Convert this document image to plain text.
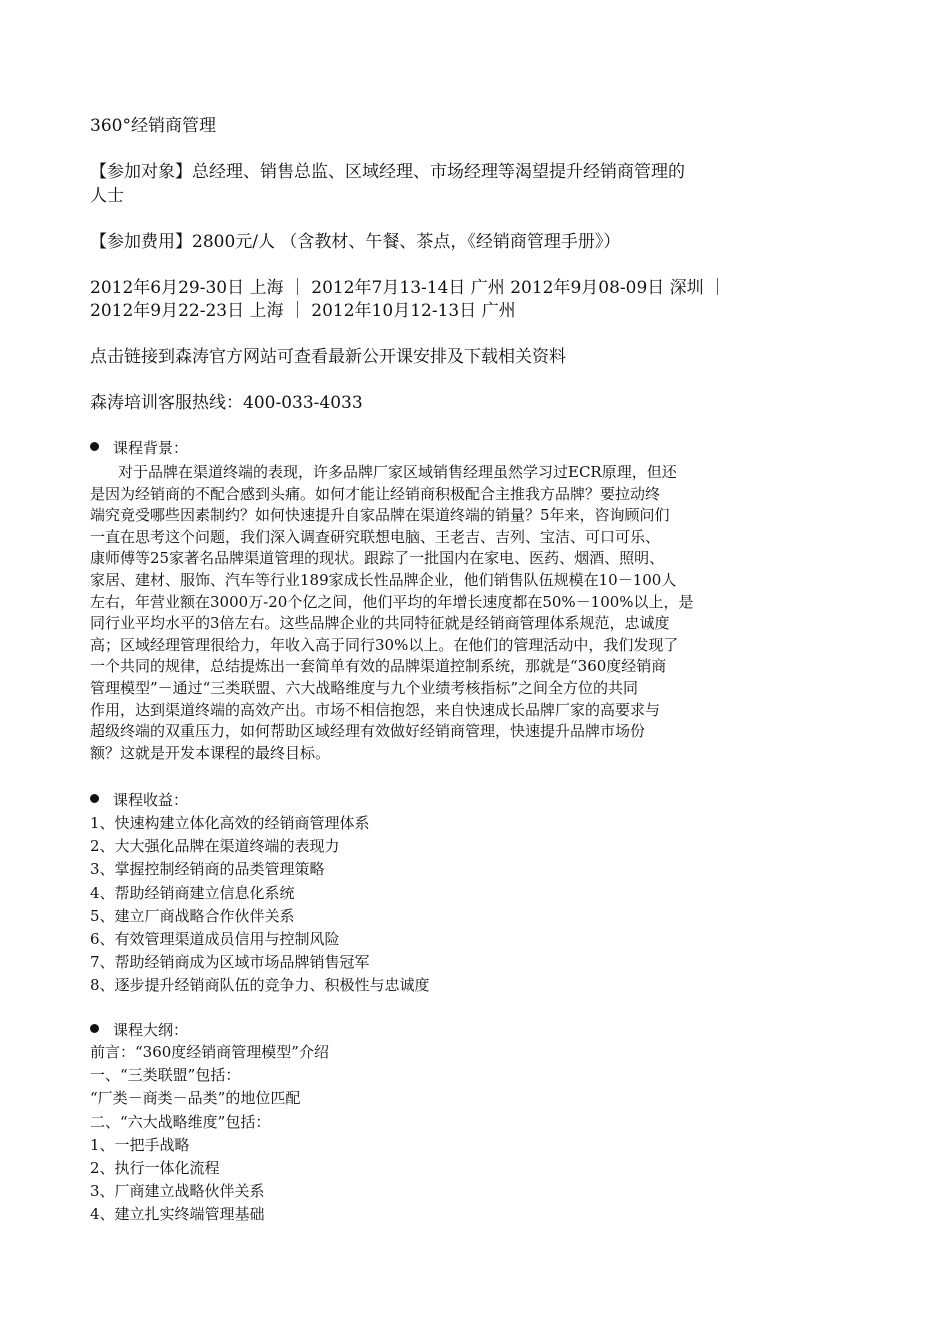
360°经销商管理
【参加对象】总经理、销售总监、区域经理、市场经理等渴望提升经销商管理的
人士
【参加费用】2800元/人 （含教材、午餐、茶点，《经销商管理手册》）
2012年6月29-30日 上海 ｜ 2012年7月13-14日 广州 2012年9月08-09日 深圳 ｜
2012年9月22-23日 上海 ｜ 2012年10月12-13日 广州
点击链接到森涛官方网站可查看最新公开课安排及下载相关资料
森涛培训客服热线：400-033-4033
课程背景：
对于品牌在渠道终端的表现，许多品牌厂家区域销售经理虽然学习过ECR原理，但还
是因为经销商的不配合感到头痛。如何才能让经销商积极配合主推我方品牌？要拉动终
端究竟受哪些因素制约？如何快速提升自家品牌在渠道终端的销量？5年来，咨询顾问们
一直在思考这个问题，我们深入调查研究联想电脑、王老吉、吉列、宝洁、可口可乐、
康师傅等25家著名品牌渠道管理的现状。跟踪了一批国内在家电、医药、烟酒、照明、
家居、建材、服饰、汽车等行业189家成长性品牌企业，他们销售队伍规模在10－100人
左右，年营业额在3000万-20个亿之间，他们平均的年增长速度都在50%－100%以上，是
同行业平均水平的3倍左右。这些品牌企业的共同特征就是经销商管理体系规范，忠诚度
高；区域经理管理很给力，年收入高于同行30%以上。在他们的管理活动中，我们发现了
一个共同的规律，总结提炼出一套简单有效的品牌渠道控制系统，那就是“360度经销商
管理模型”－通过“三类联盟、六大战略维度与九个业绩考核指标”之间全方位的共同
作用，达到渠道终端的高效产出。市场不相信抱怨，来自快速成长品牌厂家的高要求与
超级终端的双重压力，如何帮助区域经理有效做好经销商管理，快速提升品牌市场份
额？这就是开发本课程的最终目标。
课程收益：
1、快速构建立体化高效的经销商管理体系
2、大大强化品牌在渠道终端的表现力
3、掌握控制经销商的品类管理策略
4、帮助经销商建立信息化系统
5、建立厂商战略合作伙伴关系
6、有效管理渠道成员信用与控制风险
7、帮助经销商成为区域市场品牌销售冠军
8、逐步提升经销商队伍的竞争力、积极性与忠诚度
课程大纲：
前言：“360度经销商管理模型”介绍
一、“三类联盟”包括：
“厂类－商类－品类”的地位匹配
二、“六大战略维度”包括：
1、一把手战略
2、执行一体化流程
3、厂商建立战略伙伴关系
4、建立扎实终端管理基础
